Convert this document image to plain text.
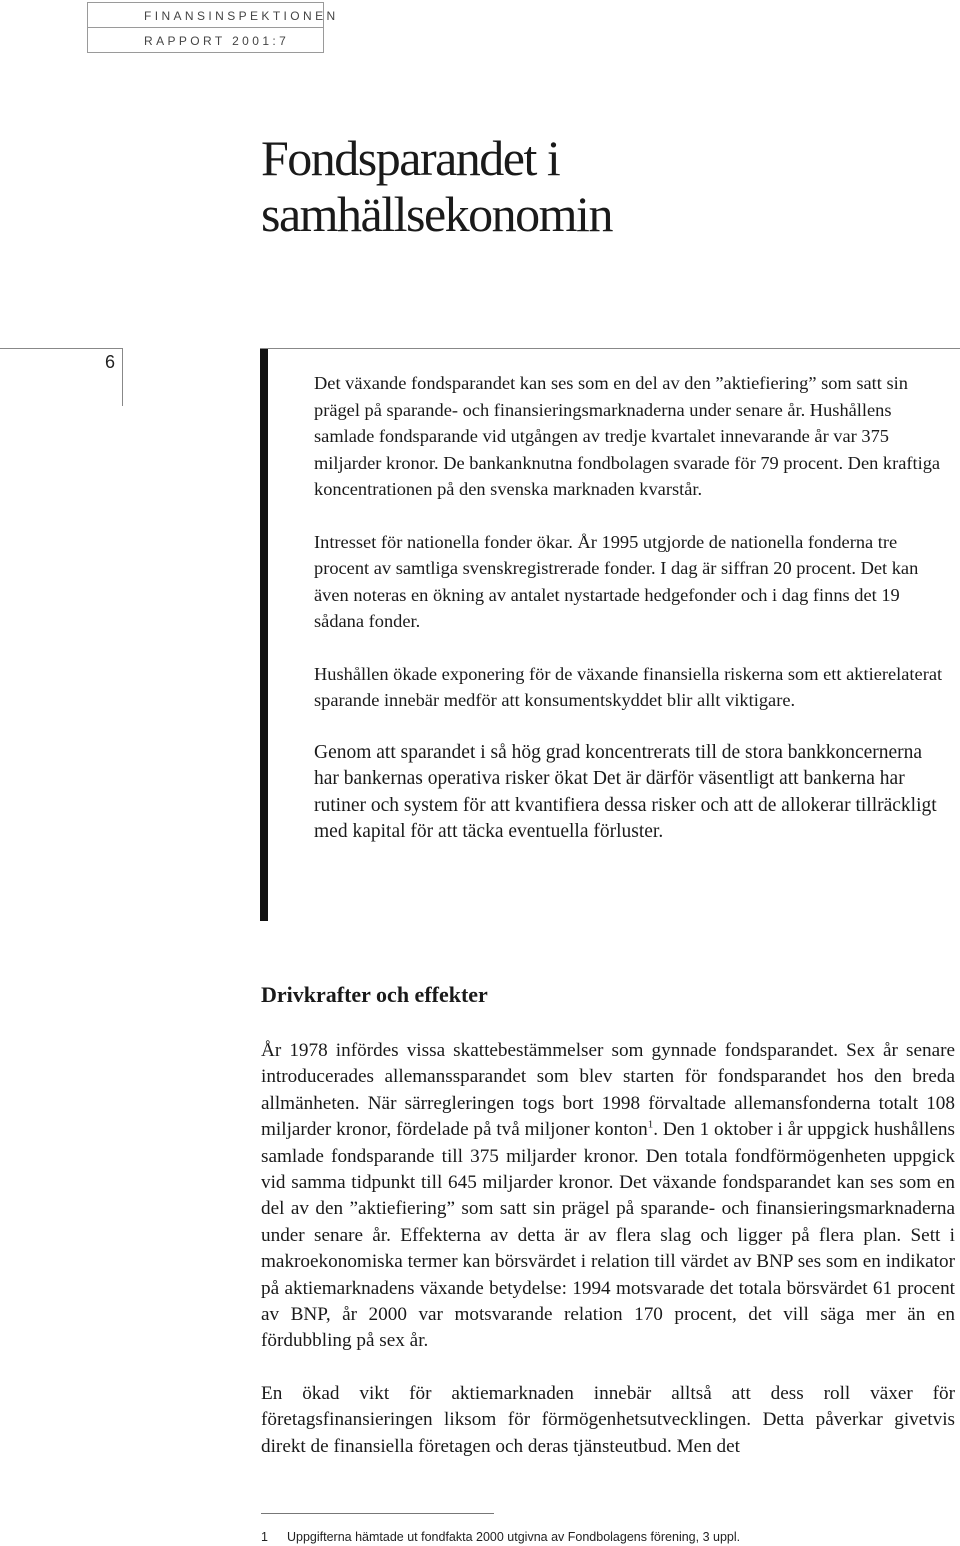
FINANSINSPEKTIONEN
RAPPORT 2001:7
Fondsparandet i
samhällsekonomin
6

Det växande fondsparandet kan ses som en del av den ”aktiefiering” som satt sin prägel på sparande- och finansieringsmarknaderna under senare år. Hushållens samlade fondsparande vid utgången av tredje kvartalet innevarande år var 375 miljarder kronor. De bankanknutna fondbolagen svarade för 79 procent. Den kraftiga koncentrationen på den svenska marknaden kvarstår.

Intresset för nationella fonder ökar. År 1995 utgjorde de nationella fonderna tre procent av samtliga svenskregistrerade fonder. I dag är siffran 20 procent. Det kan även noteras en ökning av antalet nystartade hedgefonder och i dag finns det 19 sådana fonder.

Hushållen ökade exponering för de växande finansiella riskerna som ett aktierelaterat sparande innebär medför att konsumentskyddet blir allt viktigare.

Genom att sparandet i så hög grad koncentrerats till de stora bankkoncernerna har bankernas operativa risker ökat Det är därför väsentligt att bankerna har rutiner och system för att kvantifiera dessa risker och att de allokerar tillräckligt med kapital för att täcka eventuella förluster.

Drivkrafter och effekter

År 1978 infördes vissa skattebestämmelser som gynnade fondsparandet. Sex år senare introducerades allemanssparandet som blev starten för fondsparandet hos den breda allmänheten. När särregleringen togs bort 1998 förvaltade allemansfonderna totalt 108 miljarder kronor, fördelade på två miljoner konton$^1$. Den 1 oktober i år uppgick hushållens samlade fondsparande till 375 miljarder kronor. Den totala fondförmögenheten uppgick vid samma tidpunkt till 645 miljarder kronor. Det växande fondsparandet kan ses som en del av den ”aktiefiering” som satt sin prägel på sparande- och finansieringsmarknaderna under senare år. Effekterna av detta är av flera slag och ligger på flera plan. Sett i makroekonomiska termer kan börsvärdet i relation till värdet av BNP ses som en indikator på aktiemarknadens växande betydelse: 1994 motsvarade det totala börsvärdet 61 procent av BNP, år 2000 var motsvarande relation 170 procent, det vill säga mer än en fördubbling på sex år.

En ökad vikt för aktiemarknaden innebär alltså att dess roll växer för företagsfinansieringen liksom för förmögenhetsutvecklingen. Detta påverkar givetvis direkt de finansiella företagen och deras tjänsteutbud. Men det

1 Uppgifterna hämtade ut fondfakta 2000 utgivna av Fondbolagens förening, 3 uppl.
